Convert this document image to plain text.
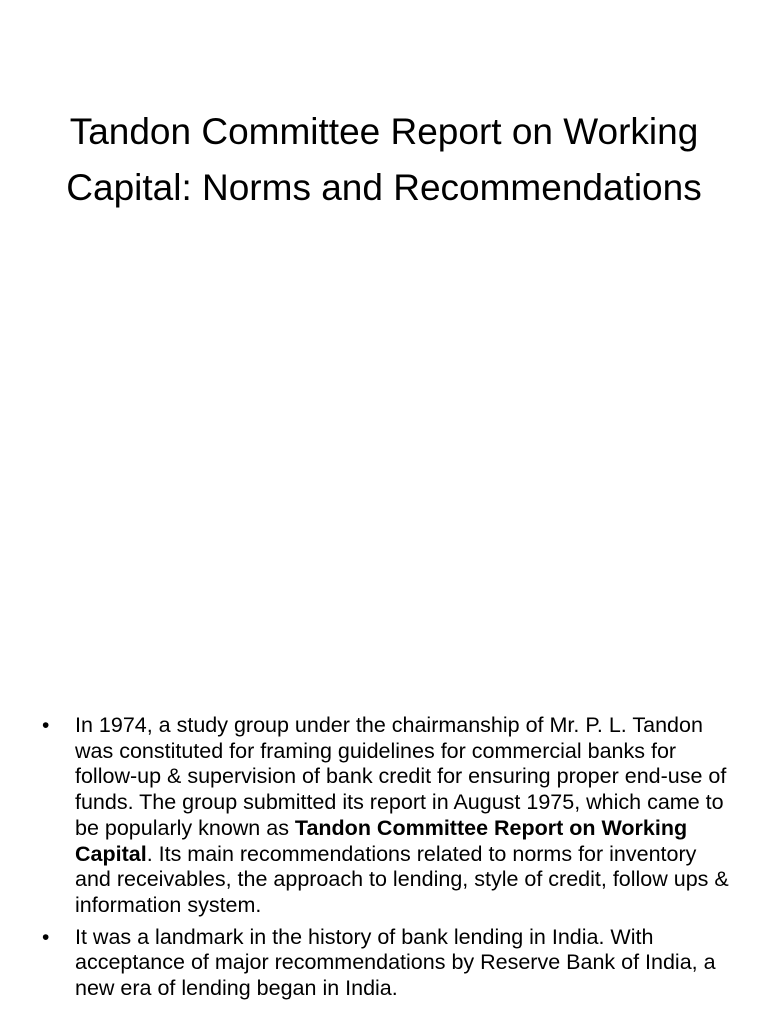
Tandon Committee Report on Working Capital: Norms and Recommendations
• In 1974, a study group under the chairmanship of Mr. P. L. Tandon was constituted for framing guidelines for commercial banks for follow-up & supervision of bank credit for ensuring proper end-use of funds. The group submitted its report in August 1975, which came to be popularly known as Tandon Committee Report on Working Capital. Its main recommendations related to norms for inventory and receivables, the approach to lending, style of credit, follow ups & information system.
• It was a landmark in the history of bank lending in India. With acceptance of major recommendations by Reserve Bank of India, a new era of lending began in India.
